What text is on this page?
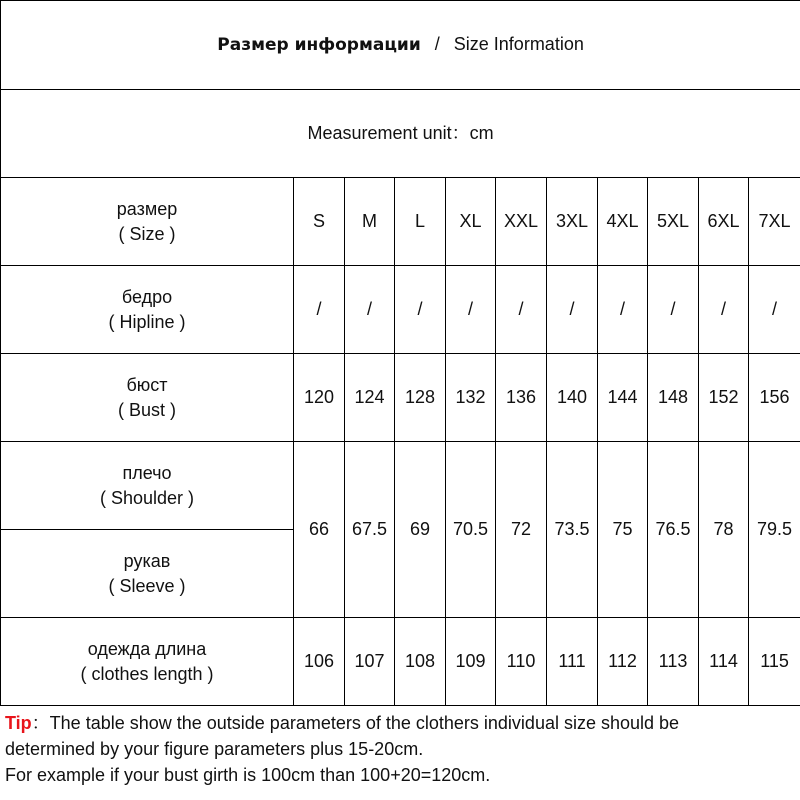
Размер информации / Size Information										
Measurement unit：cm										

размер
( Size )	S	M	L	XL	XXL	3XL	4XL	5XL	6XL	7XL

бедро
( Hipline )	/	/	/	/	/	/	/	/	/	/

бюст
( Bust )	120	124	128	132	136	140	144	148	152	156

плечо
( Shoulder )	66	67.5	69	70.5	72	73.5	75	76.5	78	79.5

рукав
( Sleeve )										

одежда длина
( clothes length )	106	107	108	109	110	111	112	113	114	115
Tip：The table show the outside parameters of the clothers individual size should be
determined by your figure parameters plus 15-20cm.
For example if your bust girth is 100cm than 100+20=120cm.
